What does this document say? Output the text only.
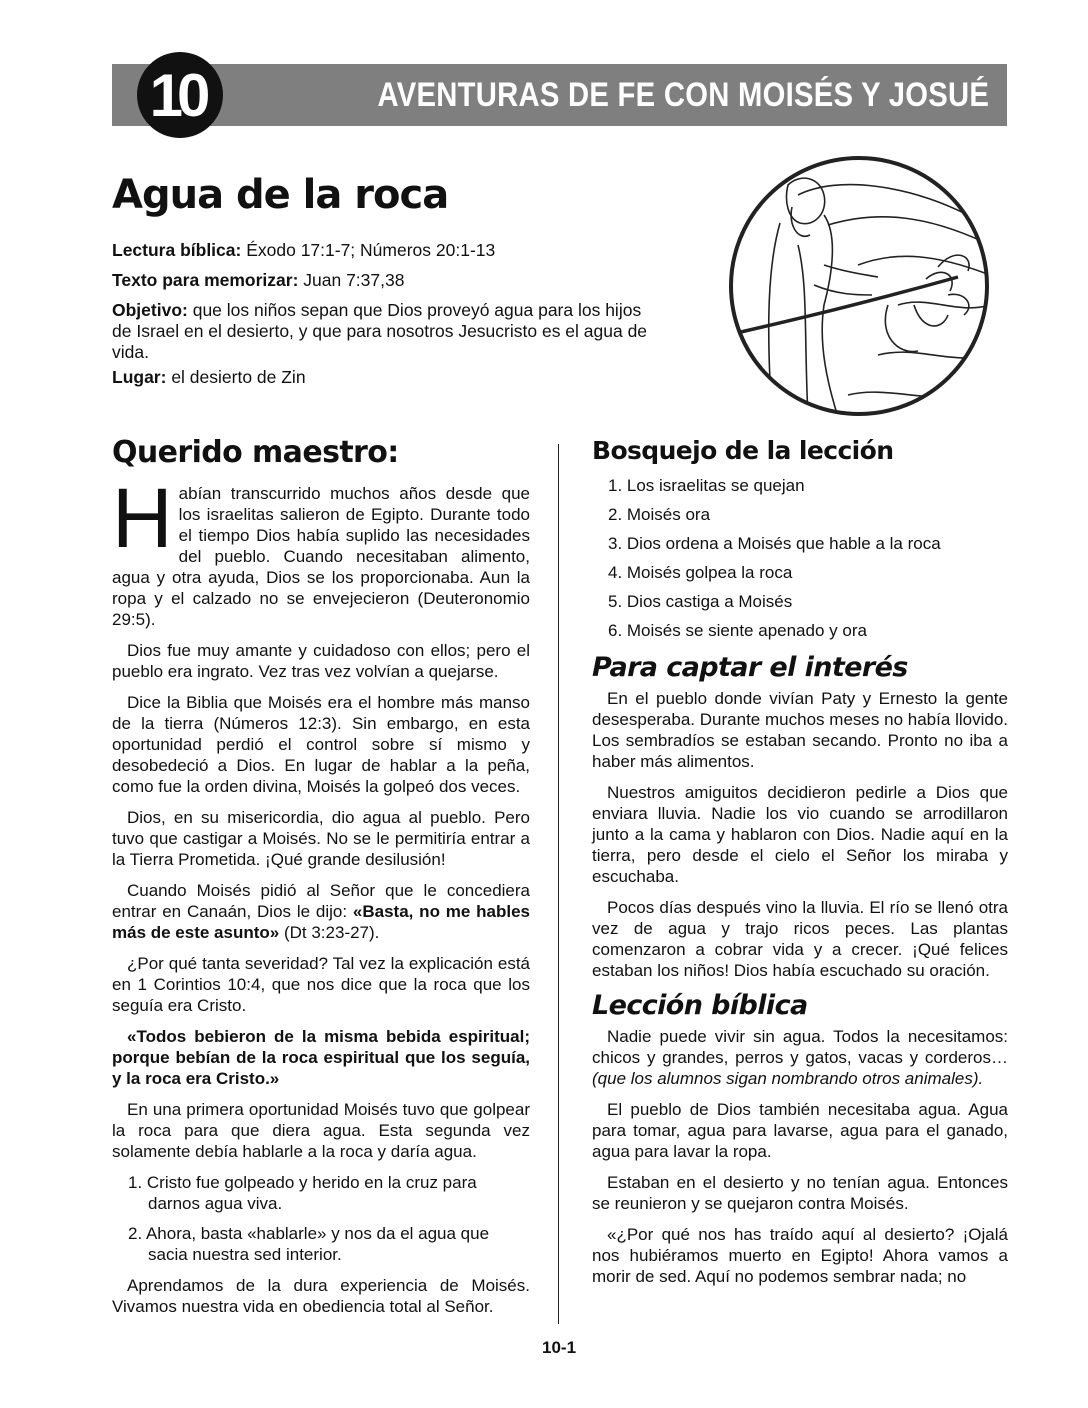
AVENTURAS DE FE CON MOISÉS Y JOSUÉ
10
Agua de la roca

Lectura bíblica: Éxodo 17:1-7; Números 20:1-13

Texto para memorizar: Juan 7:37,38

Objetivo: que los niños sepan que Dios proveyó agua para los hijos de Israel en el desierto, y que para nosotros Jesucristo es el agua de vida.

Lugar: el desierto de Zin

Querido maestro:

Habían transcurrido muchos años desde que los israelitas salieron de Egipto. Durante todo el tiempo Dios había suplido las necesidades del pueblo. Cuando necesitaban alimento, agua y otra ayuda, Dios se los proporcionaba. Aun la ropa y el calzado no se envejecieron (Deuteronomio 29:5).

Dios fue muy amante y cuidadoso con ellos; pero el pueblo era ingrato. Vez tras vez volvían a quejarse.

Dice la Biblia que Moisés era el hombre más manso de la tierra (Números 12:3). Sin embargo, en esta oportunidad perdió el control sobre sí mismo y desobedeció a Dios. En lugar de hablar a la peña, como fue la orden divina, Moisés la golpeó dos veces.

Dios, en su misericordia, dio agua al pueblo. Pero tuvo que castigar a Moisés. No se le permitiría entrar a la Tierra Prometida. ¡Qué grande desilusión!

Cuando Moisés pidió al Señor que le concediera entrar en Canaán, Dios le dijo: «Basta, no me hables más de este asunto» (Dt 3:23-27).

¿Por qué tanta severidad? Tal vez la explicación está en 1 Corintios 10:4, que nos dice que la roca que los seguía era Cristo.

«Todos bebieron de la misma bebida espiritual; porque bebían de la roca espiritual que los seguía, y la roca era Cristo.»

En una primera oportunidad Moisés tuvo que golpear la roca para que diera agua. Esta segunda vez solamente debía hablarle a la roca y daría agua.

1. Cristo fue golpeado y herido en la cruz para darnos agua viva.
2. Ahora, basta «hablarle» y nos da el agua que sacia nuestra sed interior.

Aprendamos de la dura experiencia de Moisés. Vivamos nuestra vida en obediencia total al Señor.

Bosquejo de la lección
1. Los israelitas se quejan
2. Moisés ora
3. Dios ordena a Moisés que hable a la roca
4. Moisés golpea la roca
5. Dios castiga a Moisés
6. Moisés se siente apenado y ora
Para captar el interés

En el pueblo donde vivían Paty y Ernesto la gente desesperaba. Durante muchos meses no había llovido. Los sembradíos se estaban secando. Pronto no iba a haber más alimentos.

Nuestros amiguitos decidieron pedirle a Dios que enviara lluvia. Nadie los vio cuando se arrodillaron junto a la cama y hablaron con Dios. Nadie aquí en la tierra, pero desde el cielo el Señor los miraba y escuchaba.

Pocos días después vino la lluvia. El río se llenó otra vez de agua y trajo ricos peces. Las plantas comenzaron a cobrar vida y a crecer. ¡Qué felices estaban los niños! Dios había escuchado su oración.

Lección bíblica

Nadie puede vivir sin agua. Todos la necesitamos: chicos y grandes, perros y gatos, vacas y corderos… (que los alumnos sigan nombrando otros animales).

El pueblo de Dios también necesitaba agua. Agua para tomar, agua para lavarse, agua para el ganado, agua para lavar la ropa.

Estaban en el desierto y no tenían agua. Entonces se reunieron y se quejaron contra Moisés.

«¿Por qué nos has traído aquí al desierto? ¡Ojalá nos hubiéramos muerto en Egipto! Ahora vamos a morir de sed. Aquí no podemos sembrar nada; no

10-1
